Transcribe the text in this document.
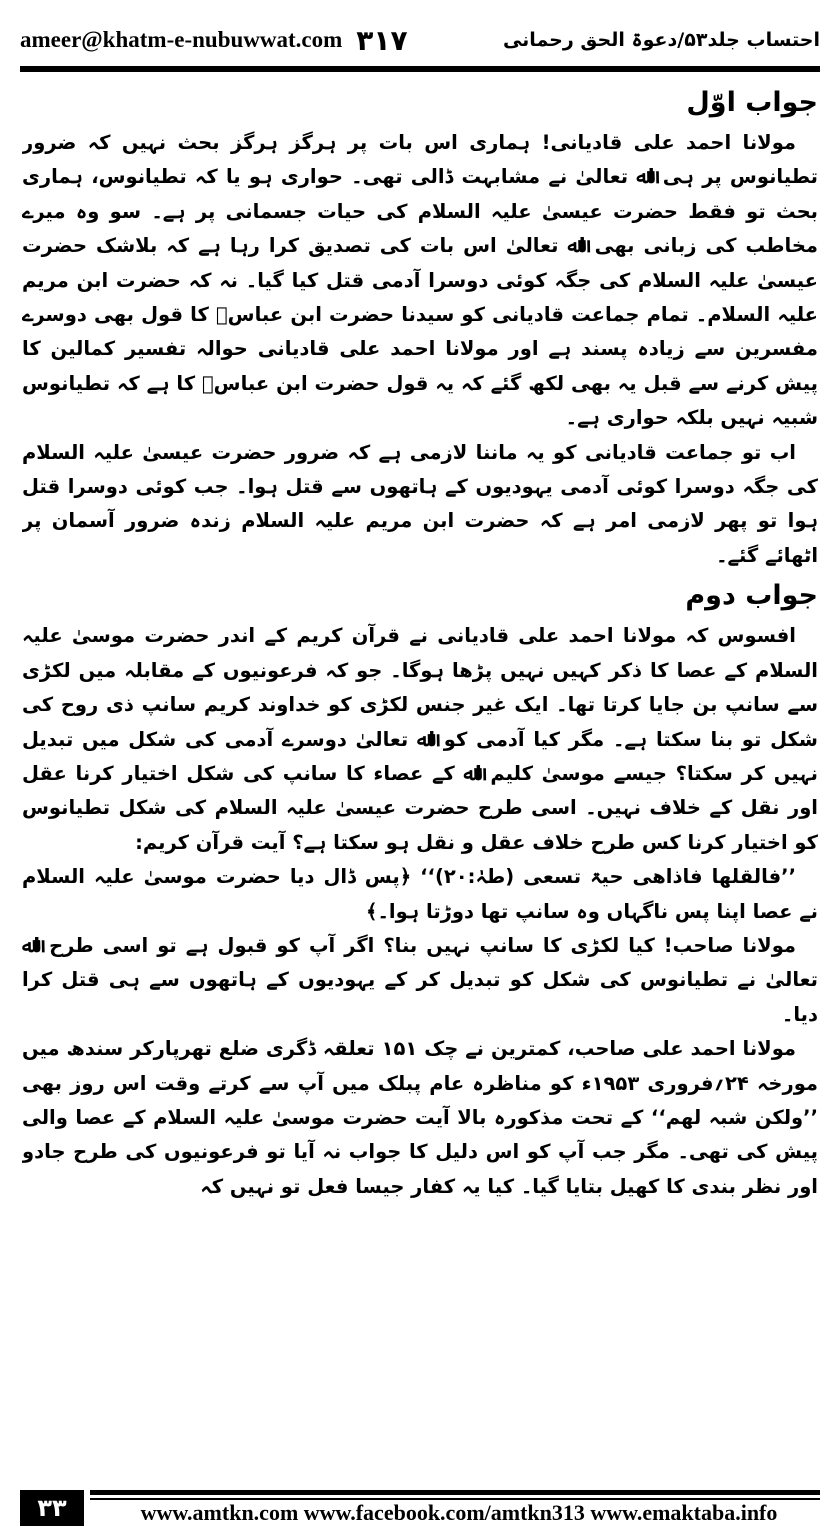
ameer@khatm-e-nubuwwat.com ۳۱۷	احتساب جلد۵۳/دعوۃ الحق رحمانی

جواب اوّل

مولانا احمد علی قادیانی! ہماری اس بات پر ہرگز ہرگز بحث نہیں کہ ضرور تطیانوس پر ہی اﷲ تعالیٰ نے مشابہت ڈالی تھی۔ حواری ہو یا کہ تطیانوس، ہماری بحث تو فقط حضرت عیسیٰ علیہ السلام کی حیات جسمانی پر ہے۔ سو وہ میرے مخاطب کی زبانی بھی اﷲ تعالیٰ اس بات کی تصدیق کرا رہا ہے کہ بلاشک حضرت عیسیٰ علیہ السلام کی جگہ کوئی دوسرا آدمی قتل کیا گیا۔ نہ کہ حضرت ابن مریم علیہ السلام۔ تمام جماعت قادیانی کو سیدنا حضرت ابن عباسؓ کا قول بھی دوسرے مفسرین سے زیادہ پسند ہے اور مولانا احمد علی قادیانی حوالہ تفسیر کمالین کا پیش کرنے سے قبل یہ بھی لکھ گئے کہ یہ قول حضرت ابن عباسؓ کا ہے کہ تطیانوس شبیہ نہیں بلکہ حواری ہے۔

اب تو جماعت قادیانی کو یہ ماننا لازمی ہے کہ ضرور حضرت عیسیٰ علیہ السلام کی جگہ دوسرا کوئی آدمی یہودیوں کے ہاتھوں سے قتل ہوا۔ جب کوئی دوسرا قتل ہوا تو پھر لازمی امر ہے کہ حضرت ابن مریم علیہ السلام زندہ ضرور آسمان پر اٹھائے گئے۔

جواب دوم

افسوس کہ مولانا احمد علی قادیانی نے قرآن کریم کے اندر حضرت موسیٰ علیہ السلام کے عصا کا ذکر کہیں نہیں پڑھا ہوگا۔ جو کہ فرعونیوں کے مقابلہ میں لکڑی سے سانپ بن جایا کرتا تھا۔ ایک غیر جنس لکڑی کو خداوند کریم سانپ ذی روح کی شکل تو بنا سکتا ہے۔ مگر کیا آدمی کو اﷲ تعالیٰ دوسرے آدمی کی شکل میں تبدیل نہیں کر سکتا؟ جیسے موسیٰ کلیم اﷲ کے عصاء کا سانپ کی شکل اختیار کرنا عقل اور نقل کے خلاف نہیں۔ اسی طرح حضرت عیسیٰ علیہ السلام کی شکل تطیانوس کو اختیار کرنا کس طرح خلاف عقل و نقل ہو سکتا ہے؟ آیت قرآن کریم:

’’فالقلھا فاذاھی حیۃ تسعی (طہٰ:۲۰)‘‘ ﴿پس ڈال دیا حضرت موسیٰ علیہ السلام نے عصا اپنا پس ناگہاں وہ سانپ تھا دوڑتا ہوا۔﴾

مولانا صاحب! کیا لکڑی کا سانپ نہیں بنا؟ اگر آپ کو قبول ہے تو اسی طرح اﷲ تعالیٰ نے تطیانوس کی شکل کو تبدیل کر کے یہودیوں کے ہاتھوں سے ہی قتل کرا دیا۔

مولانا احمد علی صاحب، کمترین نے چک ۱۵۱ تعلقہ ڈگری ضلع تھرپارکر سندھ میں مورخہ ۲۴؍فروری ۱۹۵۳ء کو مناظرہ عام پبلک میں آپ سے کرتے وقت اس روز بھی ’’ولکن شبہ لھم‘‘ کے تحت مذکورہ بالا آیت حضرت موسیٰ علیہ السلام کے عصا والی پیش کی تھی۔ مگر جب آپ کو اس دلیل کا جواب نہ آیا تو فرعونیوں کی طرح جادو اور نظر بندی کا کھیل بتایا گیا۔ کیا یہ کفار جیسا فعل تو نہیں کہ

۳۳	www.amtkn.com www.facebook.com/amtkn313 www.emaktaba.info
